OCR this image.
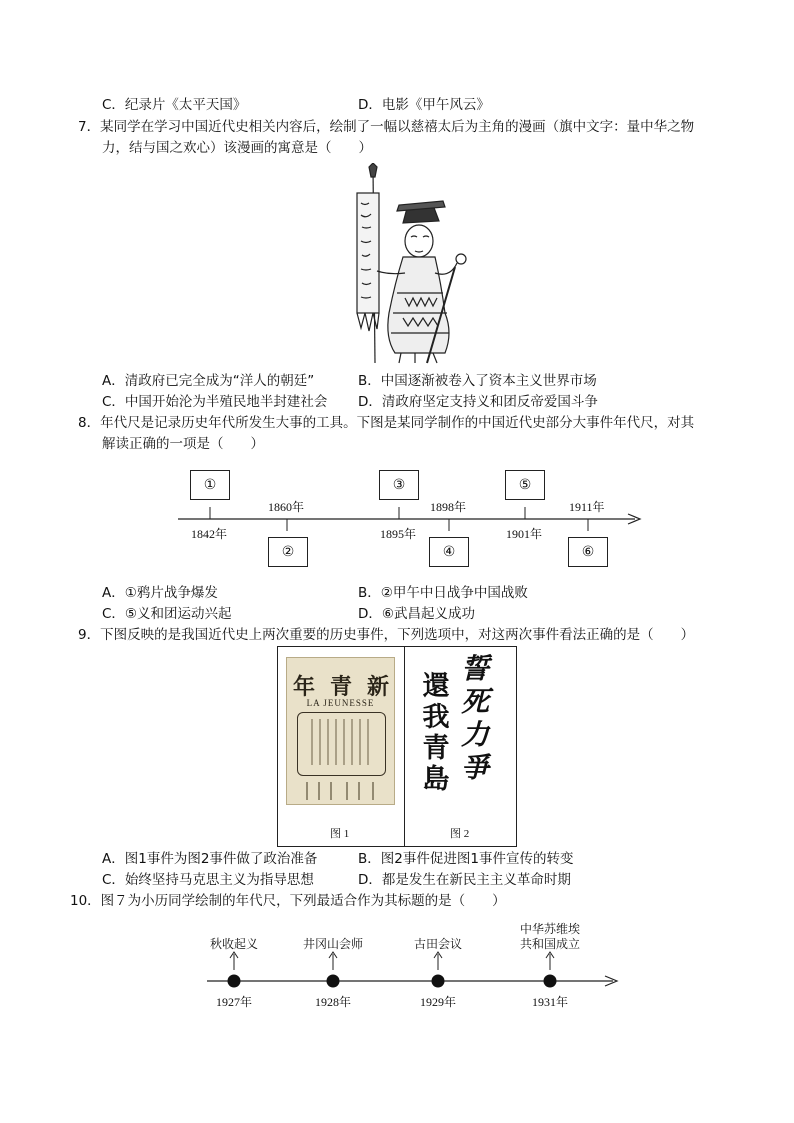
C．纪录片《太平天国》	D．电影《甲午风云》
7．某同学在学习中国近代史相关内容后，绘制了一幅以慈禧太后为主角的漫画（旗中文字：量中华之物
力，结与国之欢心）该漫画的寓意是（　　）
A．清政府已完全成为“洋人的朝廷”	B．中国逐渐被卷入了资本主义世界市场
C．中国开始沦为半殖民地半封建社会 D．清政府坚定支持义和团反帝爱国斗争
8．年代尺是记录历史年代所发生大事的工具。下图是某同学制作的中国近代史部分大事件年代尺，对其
解读正确的一项是（　　）
①	③	⑤
②	④	⑥
1860年	1898年	1911年
1842年	1895年	1901年
A．①鸦片战争爆发	B．②甲午中日战争中国战败
C．⑤义和团运动兴起	D．⑥武昌起义成功
9．下图反映的是我国近代史上两次重要的历史事件，下列选项中，对这两次事件看法正确的是（　　）
年 青 新
LA JEUNESSE
還
我
青
島
誓
死
力
爭
图 1	图 2
A．图1事件为图2事件做了政治准备	B．图2事件促进图1事件宣传的转变
C．始终坚持马克思主义为指导思想	D．都是发生在新民主主义革命时期
10．图７为小历同学绘制的年代尺，下列最适合作为其标题的是（　　）
秋收起义	井冈山会师	古田会议
中华苏维埃
共和国成立
1927年	1928年	1929年	1931年
